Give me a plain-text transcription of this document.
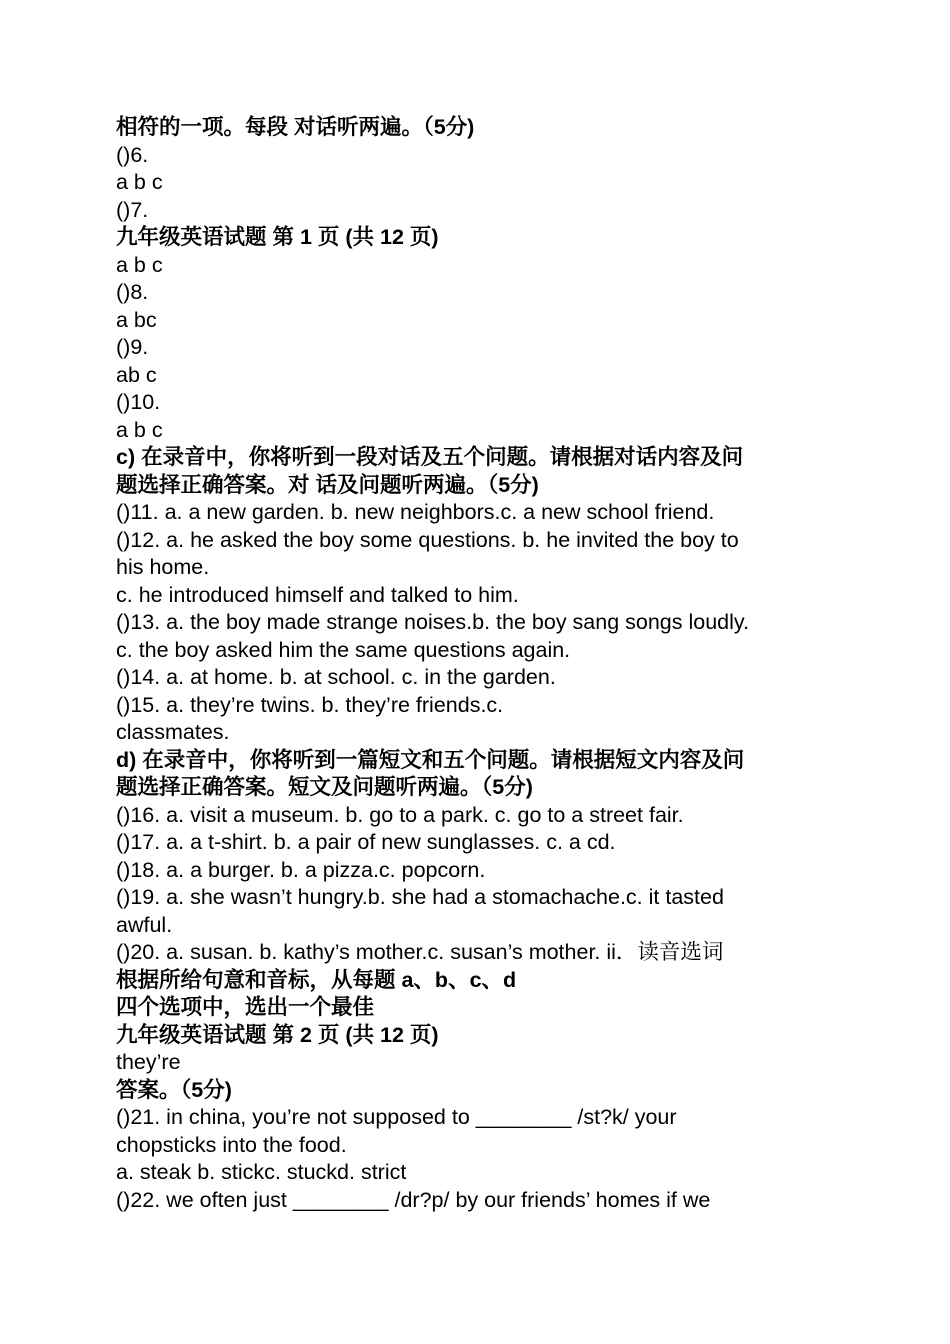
相符的一项。每段 对话听两遍。（5分)
()6.
a b c
()7.
九年级英语试题 第 1 页 (共 12 页)
a b c
()8.
a bc
()9.
ab c
()10.
a b c
c) 在录音中，你将听到一段对话及五个问题。请根据对话内容及问
题选择正确答案。对 话及问题听两遍。（5分)
()11. a. a new garden. b. new neighbors.c. a new school friend.
()12. a. he asked the boy some questions. b. he invited the boy to
his home.
c. he introduced himself and talked to him.
()13. a. the boy made strange noises.b. the boy sang songs loudly.
c. the boy asked him the same questions again.
()14. a. at home. b. at school. c. in the garden.
()15. a. they’re twins. b. they’re friends.c.
classmates.
d) 在录音中，你将听到一篇短文和五个问题。请根据短文内容及问
题选择正确答案。短文及问题听两遍。（5分)
()16. a. visit a museum. b. go to a park. c. go to a street fair.
()17. a. a t-shirt. b. a pair of new sunglasses. c. a cd.
()18. a. a burger. b. a pizza.c. popcorn.
()19. a. she wasn’t hungry.b. she had a stomachache.c. it tasted
awful.
()20. a. susan. b. kathy’s mother.c. susan’s mother. ii．读音选词
根据所给句意和音标，从每题 a、b、c、d
四个选项中，选出一个最佳
九年级英语试题 第 2 页 (共 12 页)
they’re
答案。（5分)
()21. in china, you’re not supposed to ________ /st?k/ your
chopsticks into the food.
a. steak b. stickc. stuckd. strict
()22. we often just ________ /dr?p/ by our friends’ homes if we
